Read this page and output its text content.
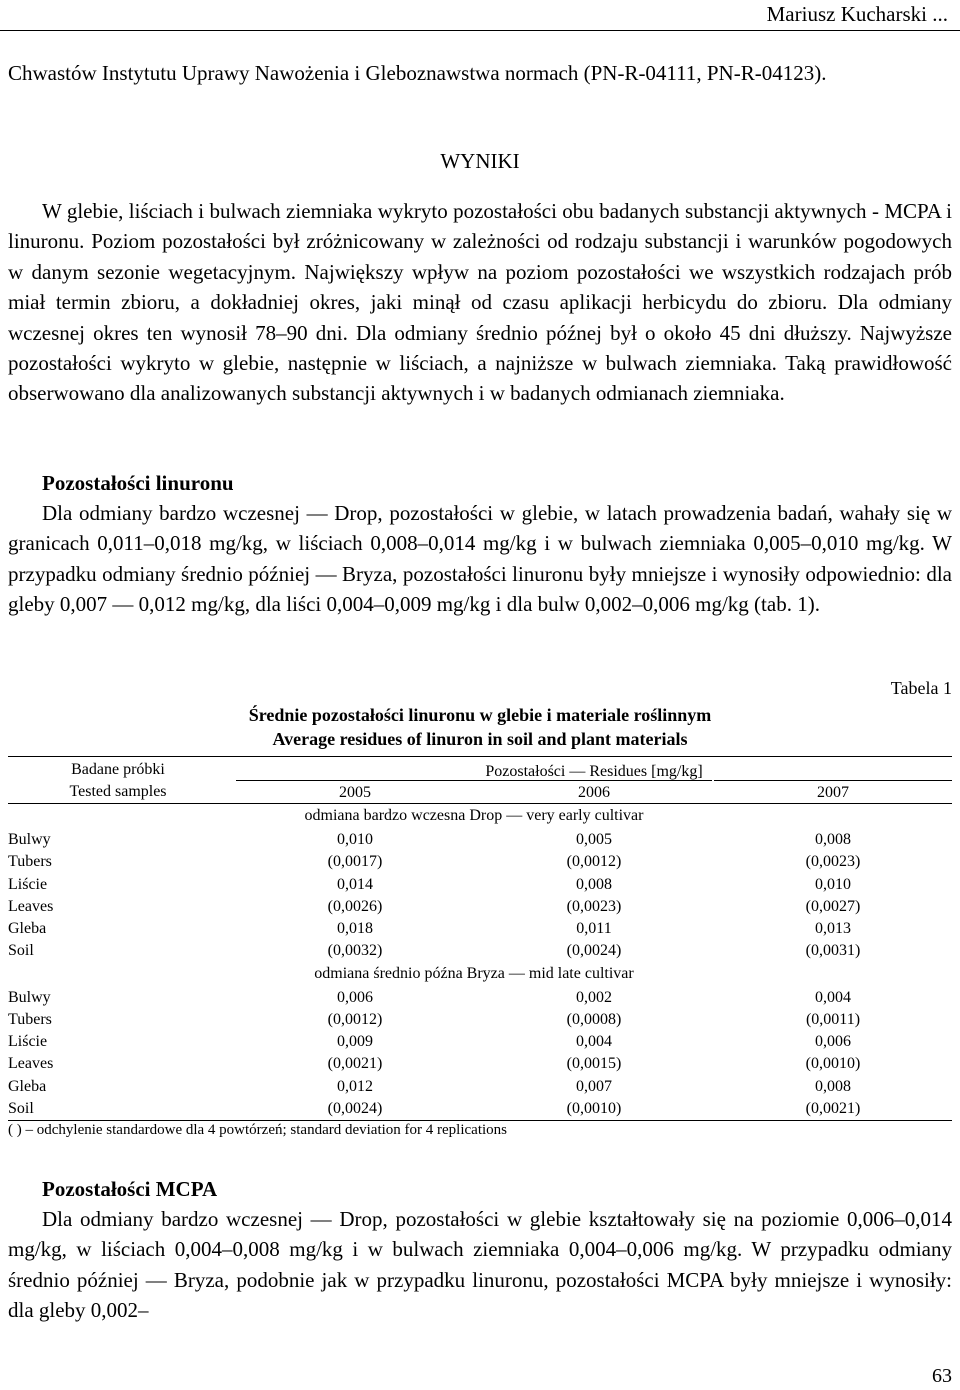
Mariusz Kucharski ...

Chwastów Instytutu Uprawy Nawożenia i Gleboznawstwa normach (PN-R-04111, PN-R-04123).

WYNIKI

W glebie, liściach i bulwach ziemniaka wykryto pozostałości obu badanych substancji aktywnych - MCPA i linuronu. Poziom pozostałości był zróżnicowany w zależności od rodzaju substancji i warunków pogodowych w danym sezonie wegetacyjnym. Największy wpływ na poziom pozostałości we wszystkich rodzajach prób miał termin zbioru, a dokładniej okres, jaki minął od czasu aplikacji herbicydu do zbioru. Dla odmiany wczesnej okres ten wynosił 78–90 dni. Dla odmiany średnio późnej był o około 45 dni dłuższy. Najwyższe pozostałości wykryto w glebie, następnie w liściach, a najniższe w bulwach ziemniaka. Taką prawidłowość obserwowano dla analizowanych substancji aktywnych i w badanych odmianach ziemniaka.

Pozostałości linuronu

Dla odmiany bardzo wczesnej — Drop, pozostałości w glebie, w latach prowadzenia badań, wahały się w granicach 0,011–0,018 mg/kg, w liściach 0,008–0,014 mg/kg i w bulwach ziemniaka 0,005–0,010 mg/kg. W przypadku odmiany średnio później — Bryza, pozostałości linuronu były mniejsze i wynosiły odpowiednio: dla gleby 0,007 — 0,012 mg/kg, dla liści 0,004–0,009 mg/kg i dla bulw 0,002–0,006 mg/kg (tab. 1).

Tabela 1
Średnie pozostałości linuronu w glebie i materiale roślinnym
Average residues of linuron in soil and plant materials
Badane próbki
Tested samples
Pozostałości — Residues [mg/kg]
2005	2006	2007
odmiana bardzo wczesna Drop — very early cultivar
Bulwy
Tubers
0,010
(0,0017)
0,005
(0,0012)
0,008
(0,0023)
Liście
Leaves
0,014
(0,0026)
0,008
(0,0023)
0,010
(0,0027)
Gleba
Soil
0,018
(0,0032)
0,011
(0,0024)
0,013
(0,0031)
odmiana średnio późna Bryza — mid late cultivar
Bulwy
Tubers
0,006
(0,0012)
0,002
(0,0008)
0,004
(0,0011)
Liście
Leaves
0,009
(0,0021)
0,004
(0,0015)
0,006
(0,0010)
Gleba
Soil
0,012
(0,0024)
0,007
(0,0010)
0,008
(0,0021)
( ) – odchylenie standardowe dla 4 powtórzeń; standard deviation for 4 replications

Pozostałości MCPA

Dla odmiany bardzo wczesnej — Drop, pozostałości w glebie kształtowały się na poziomie 0,006–0,014 mg/kg, w liściach 0,004–0,008 mg/kg i w bulwach ziemniaka 0,004–0,006 mg/kg. W przypadku odmiany średnio później — Bryza, podobnie jak w przypadku linuronu, pozostałości MCPA były mniejsze i wynosiły: dla gleby 0,002–

63
